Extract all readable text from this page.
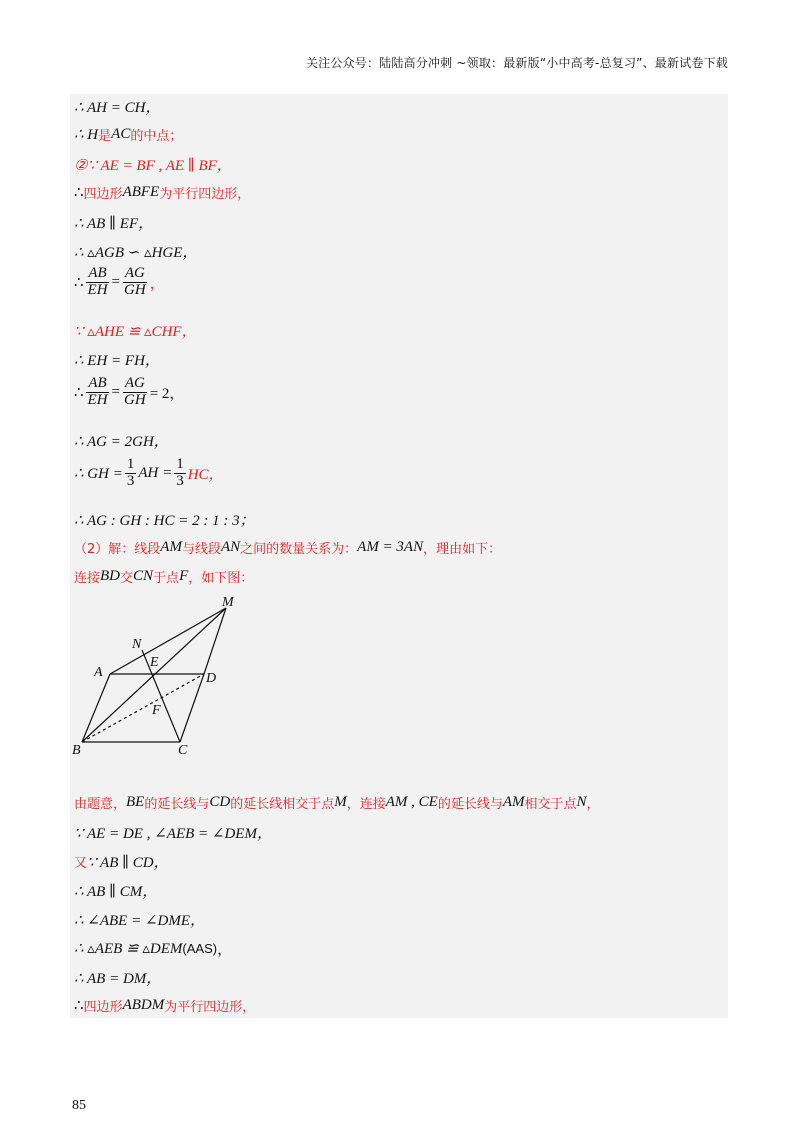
关注公众号：陆陆高分冲刺 ~领取：最新版“小中高考-总复习”、最新试卷下载
∴ AH = CH，
∴ H 是 AC 的中点；
②∵ AE = BF , AE ∥ BF，
∴ 四边形 ABFE 为平行四边形，
∴ AB ∥ EF，
∴ ▵AGB ∽ ▵HGE，
∴ $\frac{AB}{EH} = \frac{AG}{GH}$ ，
∵ ▵AHE ≌ ▵CHF，
∴ EH = FH，
∴ $\frac{AB}{EH} = \frac{AG}{GH} = 2$，
∴ AG = 2GH，
∴ GH = $\frac{1}{3}$ AH = $\frac{1}{3}$ HC，
∴ AG : GH : HC = 2 : 1 : 3；
（2）解：线段 AM 与线段 AN 之间的数量关系为： AM = 3AN ，理由如下：
连接 BD 交 CN 于点 F ，如下图：
M
N
E
A	D
F
B	C
由题意， BE 的延长线与 CD 的延长线相交于点 M ，连接 AM , CE 的延长线与 AM 相交于点 N ，
∵ AE = DE , ∠AEB = ∠DEM，
又 ∵ AB ∥ CD，
∴ AB ∥ CM，
∴ ∠ABE = ∠DME，
∴ ▵AEB ≌ ▵DEM (AAS) ，
∴ AB = DM，
∴ 四边形 ABDM 为平行四边形，
85
